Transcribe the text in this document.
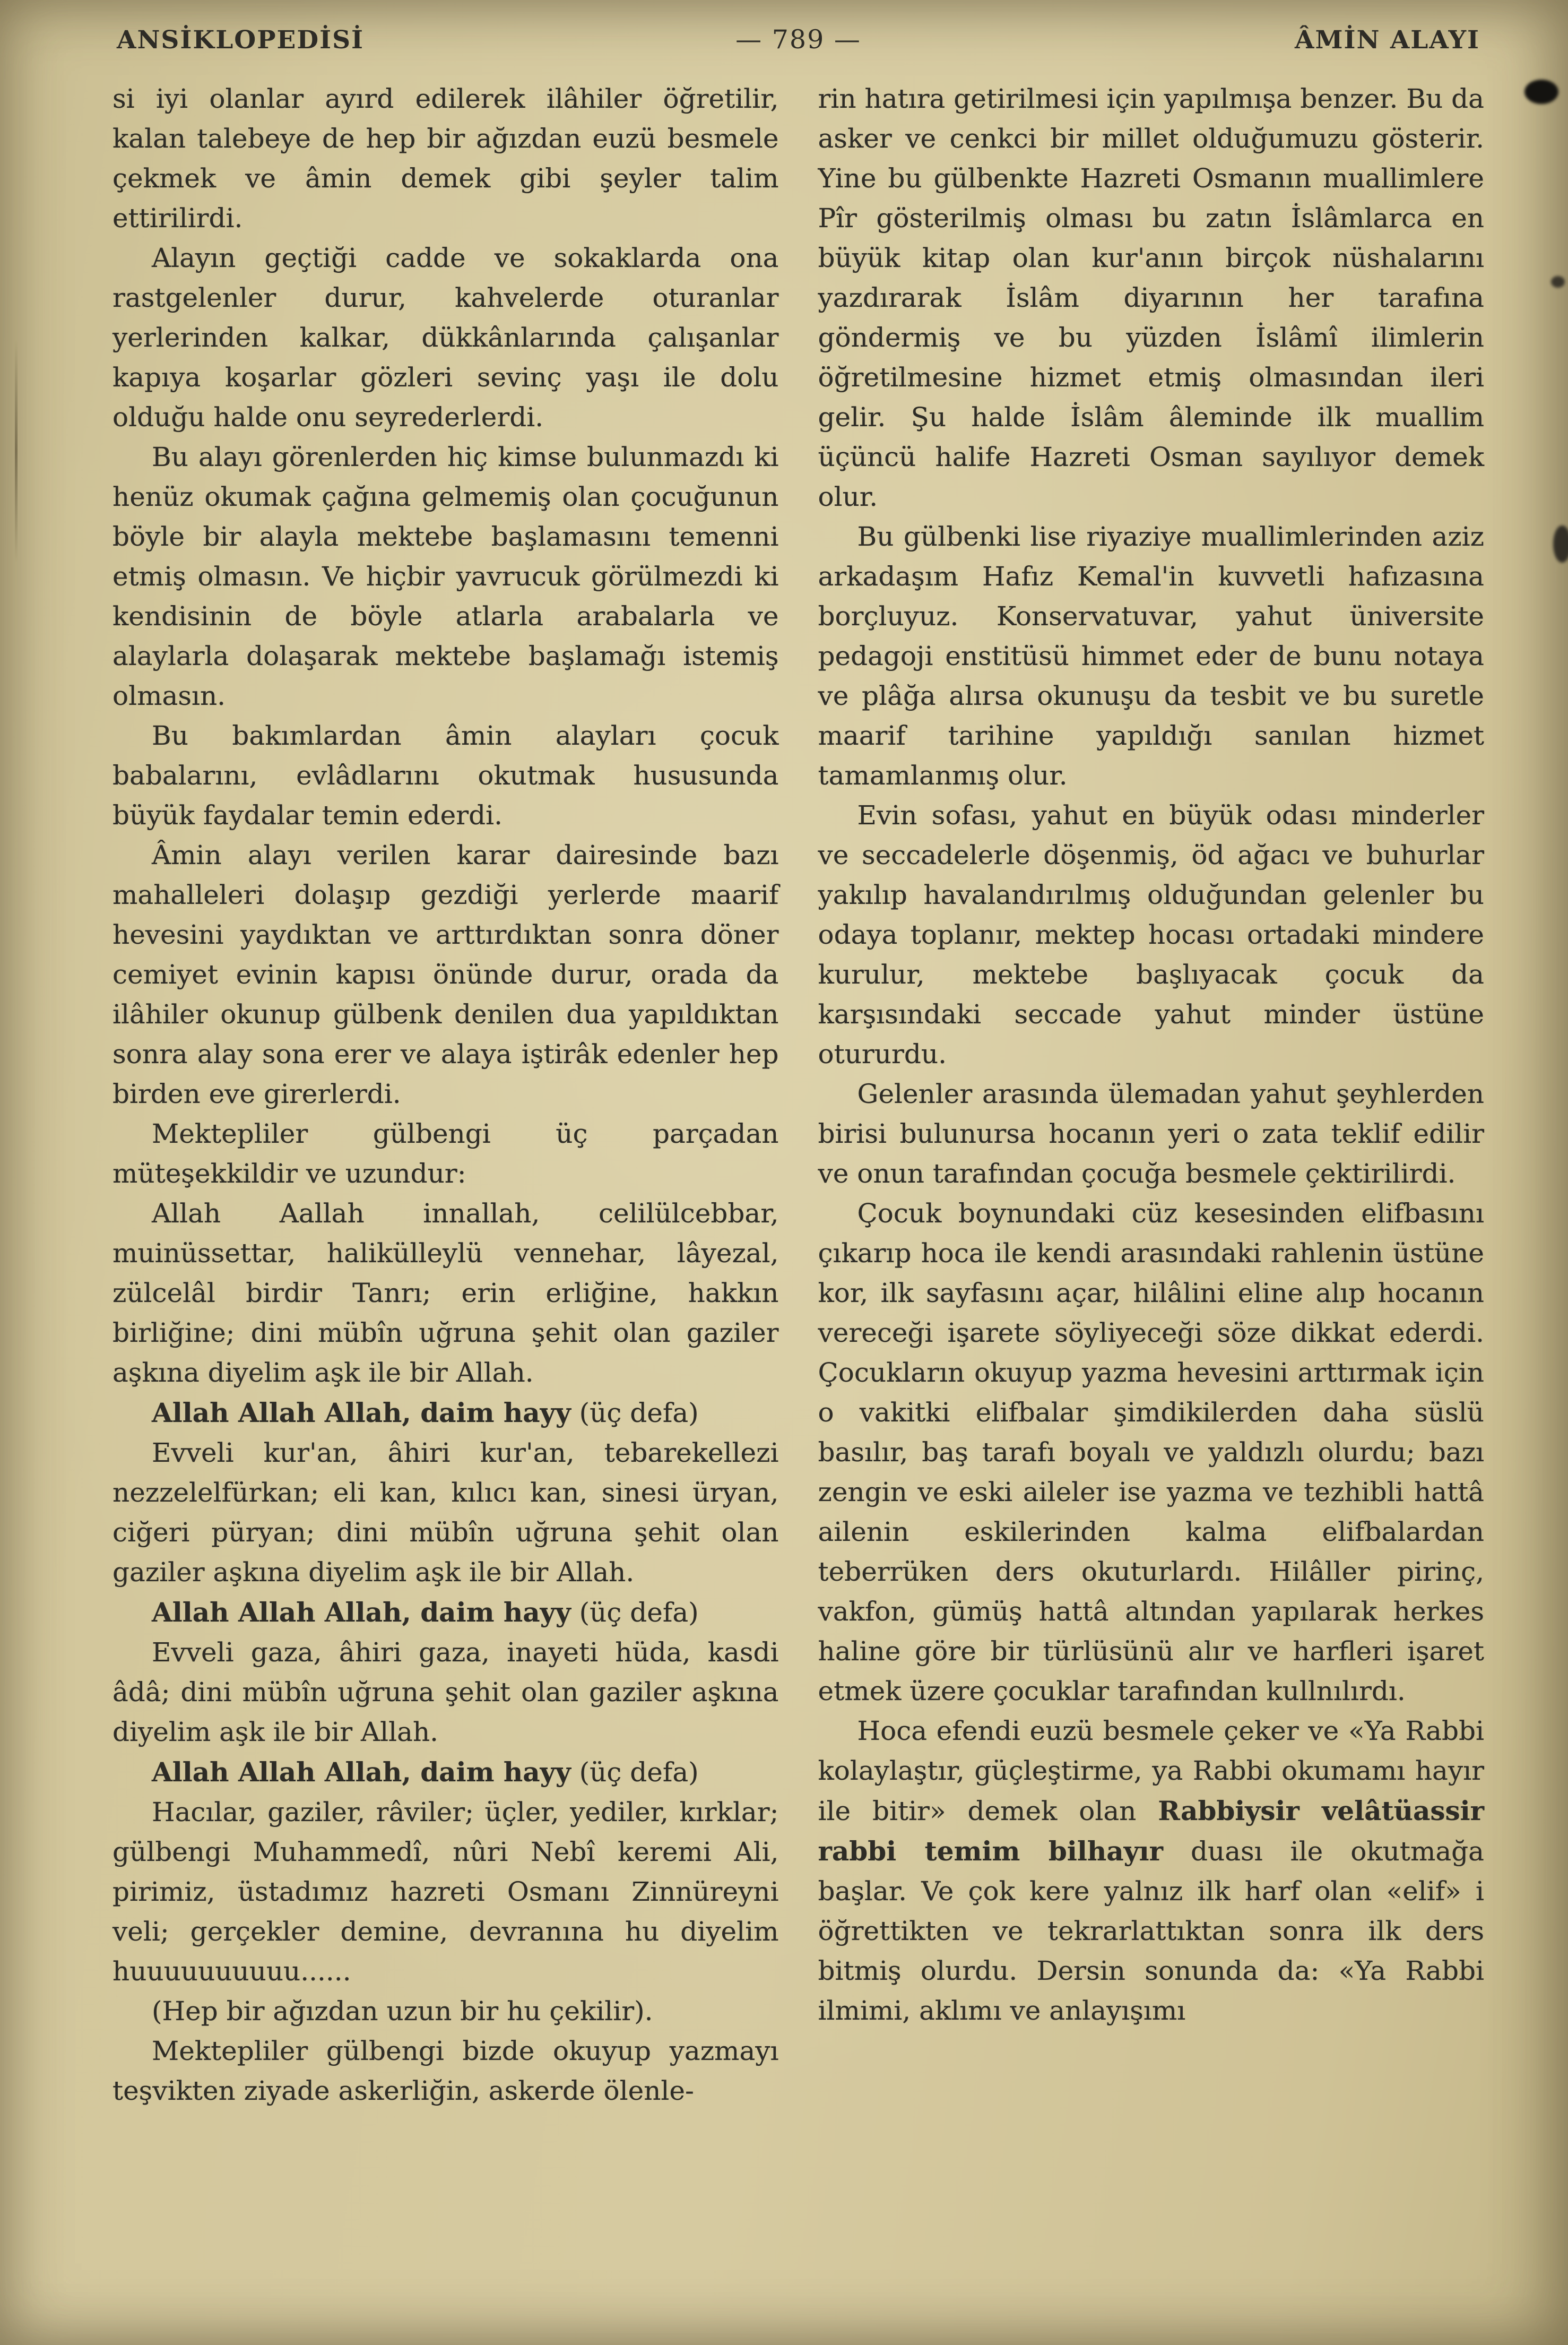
ANSİKLOPEDİSİ	— 789 —	ÂMİN ALAYI

si iyi olanlar ayırd edilerek ilâhiler öğretilir, kalan talebeye de hep bir ağızdan euzü besmele çekmek ve âmin demek gibi şeyler talim ettirilirdi.

Alayın geçtiği cadde ve sokaklarda ona rastgelenler durur, kahvelerde oturanlar yerlerinden kalkar, dükkânlarında çalışanlar kapıya koşarlar gözleri sevinç yaşı ile dolu olduğu halde onu seyrederlerdi.

Bu alayı görenlerden hiç kimse bulunmazdı ki henüz okumak çağına gelmemiş olan çocuğunun böyle bir alayla mektebe başlamasını temenni etmiş olmasın. Ve hiçbir yavrucuk görülmezdi ki kendisinin de böyle atlarla arabalarla ve alaylarla dolaşarak mektebe başlamağı istemiş olmasın.

Bu bakımlardan âmin alayları çocuk babalarını, evlâdlarını okutmak hususunda büyük faydalar temin ederdi.

Âmin alayı verilen karar dairesinde bazı mahalleleri dolaşıp gezdiği yerlerde maarif hevesini yaydıktan ve arttırdıktan sonra döner cemiyet evinin kapısı önünde durur, orada da ilâhiler okunup gülbenk denilen dua yapıldıktan sonra alay sona erer ve alaya iştirâk edenler hep birden eve girerlerdi.

Mektepliler gülbengi üç parçadan müteşekkildir ve uzundur:

Allah Aallah innallah, celilülcebbar, muinüssettar, halikülleylü vennehar, lâyezal, zülcelâl birdir Tanrı; erin erliğine, hakkın birliğine; dini mübîn uğruna şehit olan gaziler aşkına diyelim aşk ile bir Allah.

Allah Allah Allah, daim hayy (üç defa)

Evveli kur'an, âhiri kur'an, tebarekellezi nezzelelfürkan; eli kan, kılıcı kan, sinesi üryan, ciğeri püryan; dini mübîn uğruna şehit olan gaziler aşkına diyelim aşk ile bir Allah.

Allah Allah Allah, daim hayy (üç defa)

Evveli gaza, âhiri gaza, inayeti hüda, kasdi âdâ; dini mübîn uğruna şehit olan gaziler aşkına diyelim aşk ile bir Allah.

Allah Allah Allah, daim hayy (üç defa)

Hacılar, gaziler, râviler; üçler, yediler, kırklar; gülbengi Muhammedî, nûri Nebî keremi Ali, pirimiz, üstadımız hazreti Osmanı Zinnüreyni veli; gerçekler demine, devranına hu diyelim huuuuuuuuuu......

(Hep bir ağızdan uzun bir hu çekilir).

Mektepliler gülbengi bizde okuyup yazmayı teşvikten ziyade askerliğin, askerde ölenle-

rin hatıra getirilmesi için yapılmışa benzer. Bu da asker ve cenkci bir millet olduğumuzu gösterir. Yine bu gülbenkte Hazreti Osmanın muallimlere Pîr gösterilmiş olması bu zatın İslâmlarca en büyük kitap olan kur'anın birçok nüshalarını yazdırarak İslâm diyarının her tarafına göndermiş ve bu yüzden İslâmî ilimlerin öğretilmesine hizmet etmiş olmasından ileri gelir. Şu halde İslâm âleminde ilk muallim üçüncü halife Hazreti Osman sayılıyor demek olur.

Bu gülbenki lise riyaziye muallimlerinden aziz arkadaşım Hafız Kemal'in kuvvetli hafızasına borçluyuz. Konservatuvar, yahut üniversite pedagoji enstitüsü himmet eder de bunu notaya ve plâğa alırsa okunuşu da tesbit ve bu suretle maarif tarihine yapıldığı sanılan hizmet tamamlanmış olur.

Evin sofası, yahut en büyük odası minderler ve seccadelerle döşenmiş, öd ağacı ve buhurlar yakılıp havalandırılmış olduğundan gelenler bu odaya toplanır, mektep hocası ortadaki mindere kurulur, mektebe başlıyacak çocuk da karşısındaki seccade yahut minder üstüne otururdu.

Gelenler arasında ülemadan yahut şeyhlerden birisi bulunursa hocanın yeri o zata teklif edilir ve onun tarafından çocuğa besmele çektirilirdi.

Çocuk boynundaki cüz kesesinden elifbasını çıkarıp hoca ile kendi arasındaki rahlenin üstüne kor, ilk sayfasını açar, hilâlini eline alıp hocanın vereceği işarete söyliyeceği söze dikkat ederdi. Çocukların okuyup yazma hevesini arttırmak için o vakitki elifbalar şimdikilerden daha süslü basılır, baş tarafı boyalı ve yaldızlı olurdu; bazı zengin ve eski aileler ise yazma ve tezhibli hattâ ailenin eskilerinden kalma elifbalardan teberrüken ders okuturlardı. Hilâller pirinç, vakfon, gümüş hattâ altından yapılarak herkes haline göre bir türlüsünü alır ve harfleri işaret etmek üzere çocuklar tarafından kullnılırdı.

Hoca efendi euzü besmele çeker ve «Ya Rabbi kolaylaştır, güçleştirme, ya Rabbi okumamı hayır ile bitir» demek olan Rabbiysir velâtüassir rabbi temim bilhayır duası ile okutmağa başlar. Ve çok kere yalnız ilk harf olan «elif» i öğrettikten ve tekrarlattıktan sonra ilk ders bitmiş olurdu. Dersin sonunda da: «Ya Rabbi ilmimi, aklımı ve anlayışımı
